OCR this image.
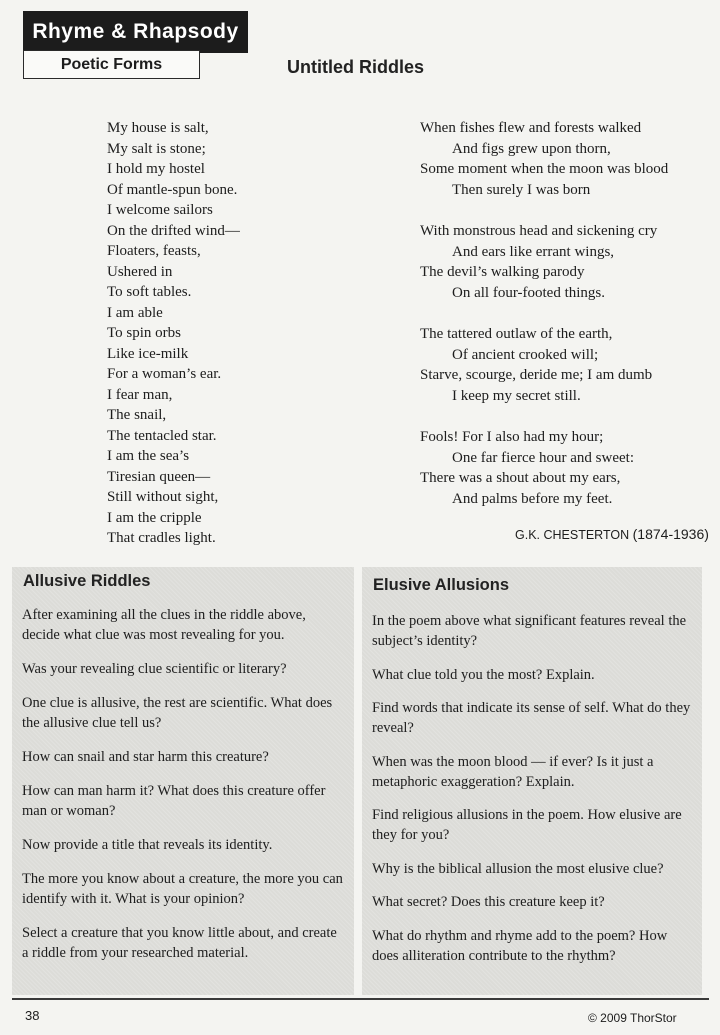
Rhyme & Rhapsody
Poetic Forms	Untitled Riddles
My house is salt,
My salt is stone;
I hold my hostel
Of mantle-spun bone.
I welcome sailors
On the drifted wind—
Floaters, feasts,
Ushered in
To soft tables.
I am able
To spin orbs
Like ice-milk
For a woman’s ear.
I fear man,
The snail,
The tentacled star.
I am the sea’s
Tiresian queen—
Still without sight,
I am the cripple
That cradles light.
When fishes flew and forests walked
And figs grew upon thorn,
Some moment when the moon was blood
Then surely I was born
With monstrous head and sickening cry
And ears like errant wings,
The devil’s walking parody
On all four-footed things.
The tattered outlaw of the earth,
Of ancient crooked will;
Starve, scourge, deride me; I am dumb
I keep my secret still.
Fools! For I also had my hour;
One far fierce hour and sweet:
There was a shout about my ears,
And palms before my feet.
G.K. CHESTERTON (1874-1936)
Allusive Riddles
After examining all the clues in the riddle above, decide what clue was most revealing for you.
Was your revealing clue scientific or literary?
One clue is allusive, the rest are scientific. What does the allusive clue tell us?
How can snail and star harm this creature?
How can man harm it? What does this creature offer man or woman?
Now provide a title that reveals its identity.
The more you know about a creature, the more you can identify with it. What is your opinion?
Select a creature that you know little about, and create a riddle from your researched material.
Elusive Allusions
In the poem above what significant features reveal the subject’s identity?
What clue told you the most? Explain.
Find words that indicate its sense of self. What do they reveal?
When was the moon blood — if ever? Is it just a metaphoric exaggeration? Explain.
Find religious allusions in the poem. How elusive are they for you?
Why is the biblical allusion the most elusive clue?
What secret? Does this creature keep it?
What do rhythm and rhyme add to the poem? How does alliteration contribute to the rhythm?
38	© 2009 ThorStor
